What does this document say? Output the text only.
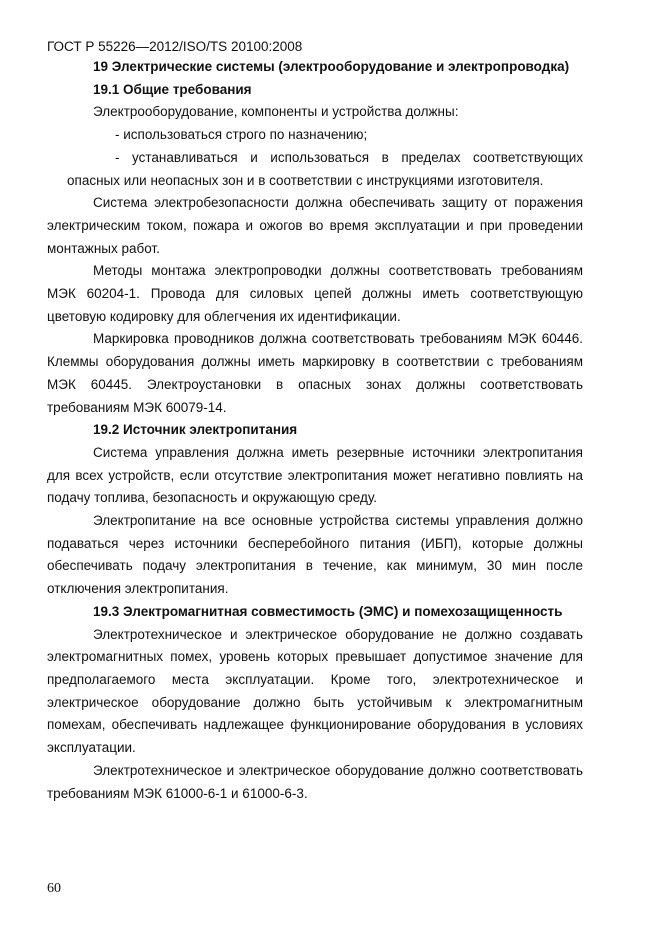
ГОСТ Р 55226—2012/ISO/TS 20100:2008

19 Электрические системы (электрооборудование и электропроводка)

19.1 Общие требования

Электрооборудование, компоненты и устройства должны:

- использоваться строго по назначению;

- устанавливаться и использоваться в пределах соответствующих опасных или неопасных зон и в соответствии с инструкциями изготовителя.

Система электробезопасности должна обеспечивать защиту от поражения электрическим током, пожара и ожогов во время эксплуатации и при проведении монтажных работ.

Методы монтажа электропроводки должны соответствовать требованиям МЭК 60204-1. Провода для силовых цепей должны иметь соответствующую цветовую кодировку для облегчения их идентификации.

Маркировка проводников должна соответствовать требованиям МЭК 60446. Клеммы оборудования должны иметь маркировку в соответствии с требованиям МЭК 60445. Электроустановки в опасных зонах должны соответствовать требованиям МЭК 60079-14.

19.2 Источник электропитания

Система управления должна иметь резервные источники электропитания для всех устройств, если отсутствие электропитания может негативно повлиять на подачу топлива, безопасность и окружающую среду.

Электропитание на все основные устройства системы управления должно подаваться через источники бесперебойного питания (ИБП), которые должны обеспечивать подачу электропитания в течение, как минимум, 30 мин после отключения электропитания.

19.3 Электромагнитная совместимость (ЭМС) и помехозащищенность

Электротехническое и электрическое оборудование не должно создавать электромагнитных помех, уровень которых превышает допустимое значение для предполагаемого места эксплуатации. Кроме того, электротехническое и электрическое оборудование должно быть устойчивым к электромагнитным помехам, обеспечивать надлежащее функционирование оборудования в условиях эксплуатации.

Электротехническое и электрическое оборудование должно соответствовать требованиям МЭК 61000-6-1 и 61000-6-3.

60
